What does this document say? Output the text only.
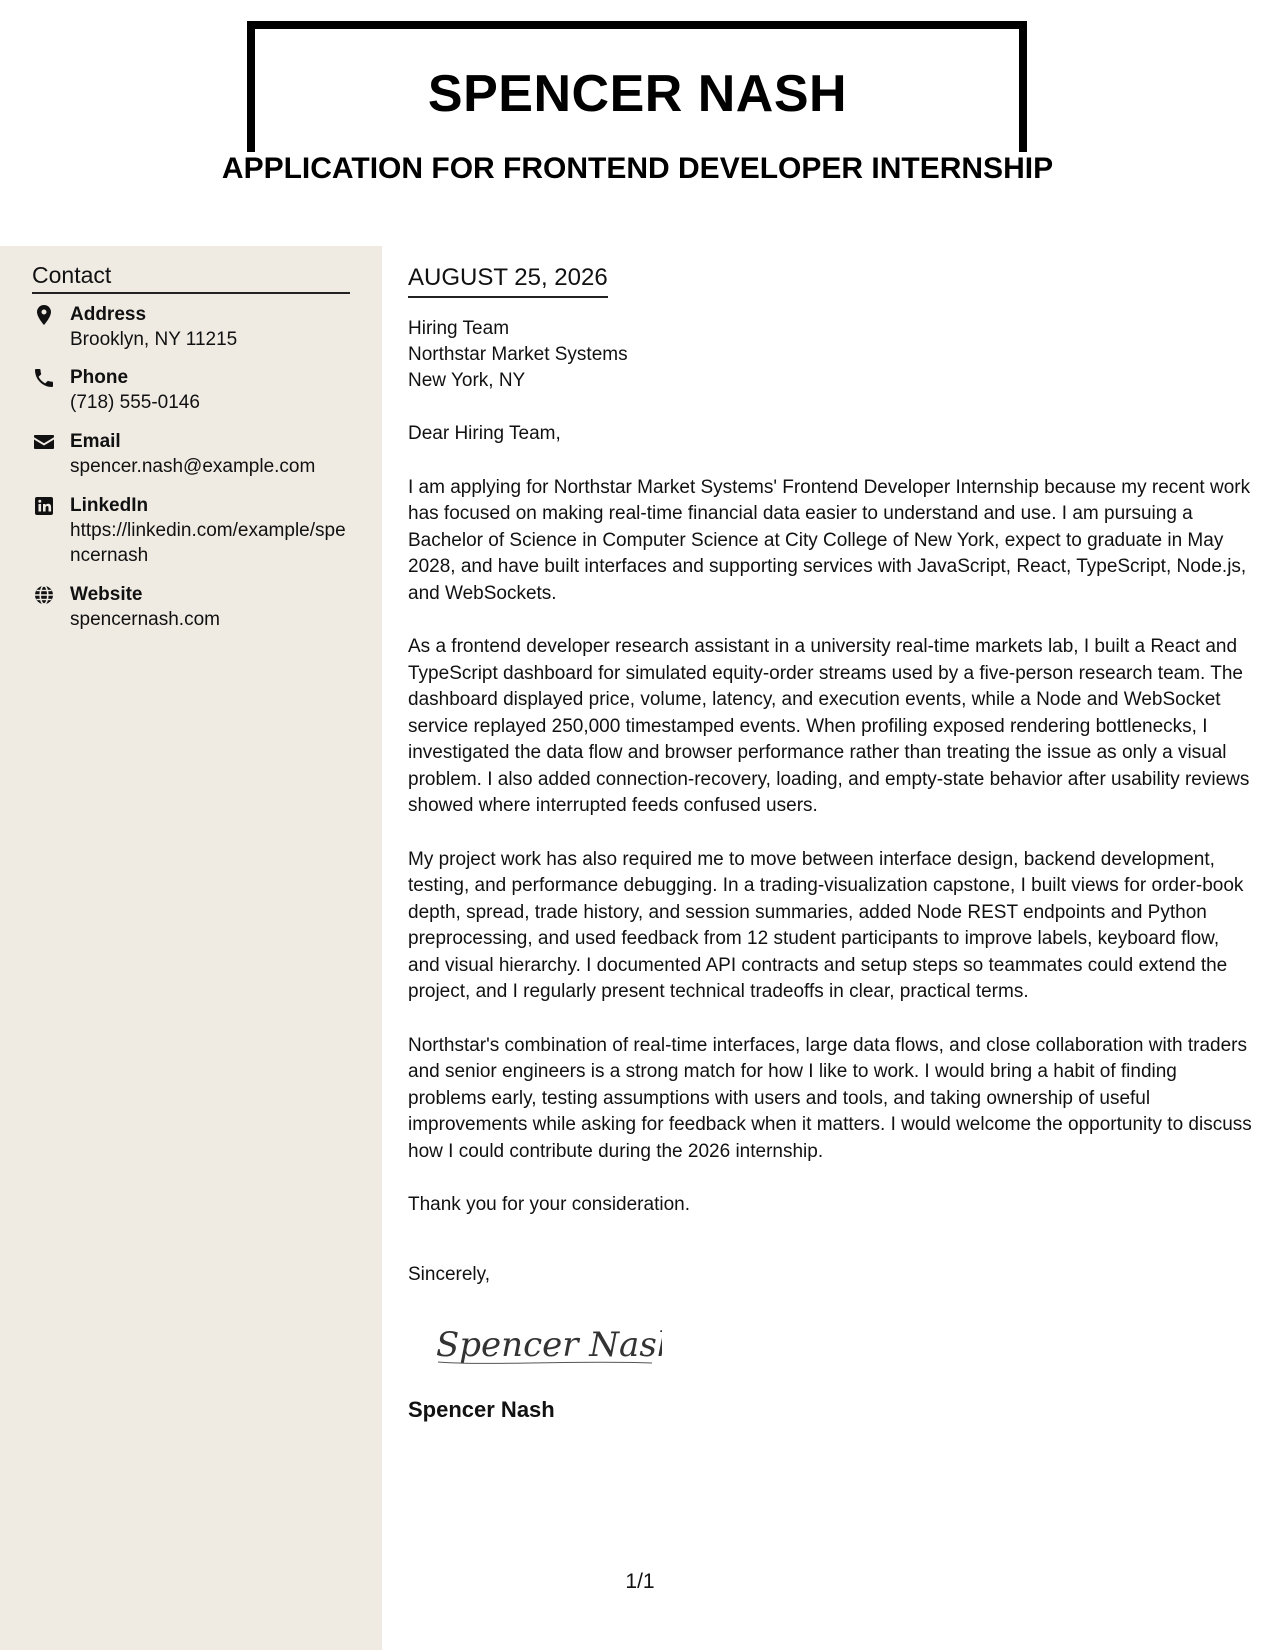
SPENCER NASH
APPLICATION FOR FRONTEND DEVELOPER INTERNSHIP
Contact
Address
Brooklyn, NY 11215
Phone
(718) 555-0146
Email
spencer.nash@example.com
LinkedIn
https://linkedin.com/example/spencernash
Website
spencernash.com
AUGUST 25, 2026
Hiring Team
Northstar Market Systems
New York, NY
Dear Hiring Team,
I am applying for Northstar Market Systems' Frontend Developer Internship because my recent work has focused on making real-time financial data easier to understand and use. I am pursuing a Bachelor of Science in Computer Science at City College of New York, expect to graduate in May 2028, and have built interfaces and supporting services with JavaScript, React, TypeScript, Node.js, and WebSockets.
As a frontend developer research assistant in a university real-time markets lab, I built a React and TypeScript dashboard for simulated equity-order streams used by a five-person research team. The dashboard displayed price, volume, latency, and execution events, while a Node and WebSocket service replayed 250,000 timestamped events. When profiling exposed rendering bottlenecks, I investigated the data flow and browser performance rather than treating the issue as only a visual problem. I also added connection-recovery, loading, and empty-state behavior after usability reviews showed where interrupted feeds confused users.
My project work has also required me to move between interface design, backend development, testing, and performance debugging. In a trading-visualization capstone, I built views for order-book depth, spread, trade history, and session summaries, added Node REST endpoints and Python preprocessing, and used feedback from 12 student participants to improve labels, keyboard flow, and visual hierarchy. I documented API contracts and setup steps so teammates could extend the project, and I regularly present technical tradeoffs in clear, practical terms.
Northstar's combination of real-time interfaces, large data flows, and close collaboration with traders and senior engineers is a strong match for how I like to work. I would bring a habit of finding problems early, testing assumptions with users and tools, and taking ownership of useful improvements while asking for feedback when it matters. I would welcome the opportunity to discuss how I could contribute during the 2026 internship.
Thank you for your consideration.
Sincerely,
Spencer Nash
Spencer Nash
1/1
